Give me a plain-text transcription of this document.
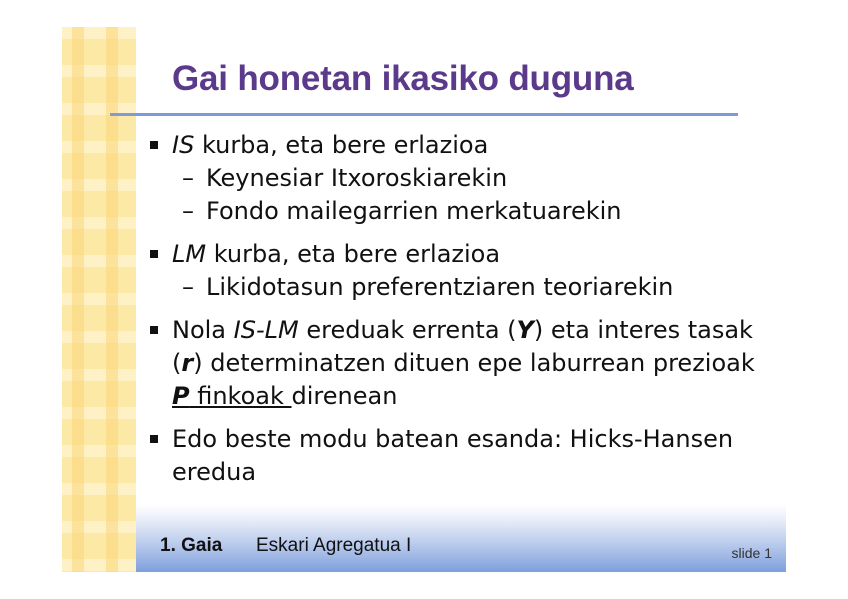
Gai honetan ikasiko duguna
IS kurba, eta bere erlazioa
– Keynesiar Itxoroskiarekin
– Fondo mailegarrien merkatuarekin
LM kurba, eta bere erlazioa
– Likidotasun preferentziaren teoriarekin
Nola IS-LM ereduak errenta (Y) eta interes tasak (r) determinatzen dituen epe laburrean prezioak P finkoak direnean
Edo beste modu batean esanda: Hicks-Hansen eredua
1. Gaia Eskari Agregatua I	slide 1
